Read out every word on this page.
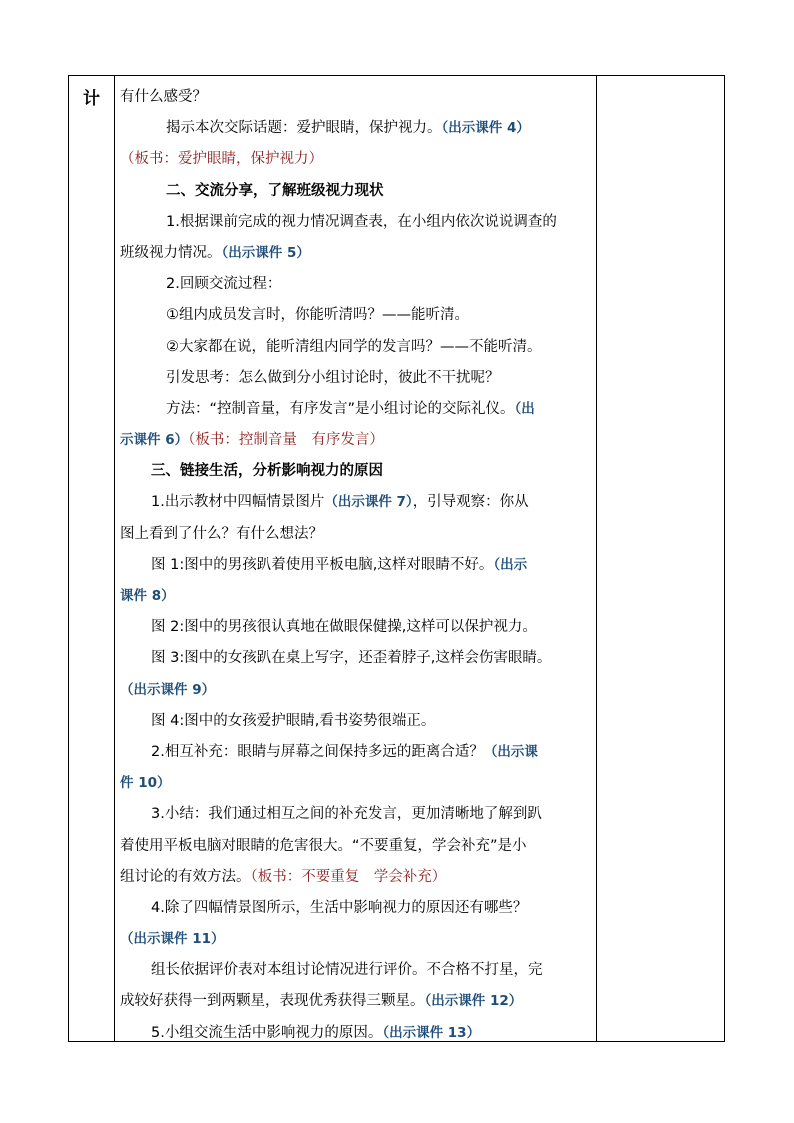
计	有什么感受？
揭示本次交际话题：爱护眼睛，保护视力。（出示课件 4）
（板书：爱护眼睛，保护视力）
二、交流分享，了解班级视力现状
1.根据课前完成的视力情况调查表，在小组内依次说说调查的
班级视力情况。（出示课件 5）
2.回顾交流过程：
①组内成员发言时，你能听清吗？——能听清。
②大家都在说，能听清组内同学的发言吗？——不能听清。
引发思考：怎么做到分小组讨论时，彼此不干扰呢？
方法：“控制音量，有序发言”是小组讨论的交际礼仪。（出
示课件 6）（板书：控制音量　有序发言）
三、链接生活，分析影响视力的原因
1.出示教材中四幅情景图片（出示课件 7），引导观察：你从
图上看到了什么？有什么想法？
图 1:图中的男孩趴着使用平板电脑,这样对眼睛不好。（出示
课件 8）
图 2:图中的男孩很认真地在做眼保健操,这样可以保护视力。
图 3:图中的女孩趴在桌上写字，还歪着脖子,这样会伤害眼睛。
（出示课件 9）
图 4:图中的女孩爱护眼睛,看书姿势很端正。
2.相互补充：眼睛与屏幕之间保持多远的距离合适？（出示课
件 10）
3.小结：我们通过相互之间的补充发言，更加清晰地了解到趴
着使用平板电脑对眼睛的危害很大。“不要重复，学会补充”是小
组讨论的有效方法。（板书：不要重复　学会补充）
4.除了四幅情景图所示，生活中影响视力的原因还有哪些？
（出示课件 11）
组长依据评价表对本组讨论情况进行评价。不合格不打星，完
成较好获得一到两颗星，表现优秀获得三颗星。（出示课件 12）
5.小组交流生活中影响视力的原因。（出示课件 13）
